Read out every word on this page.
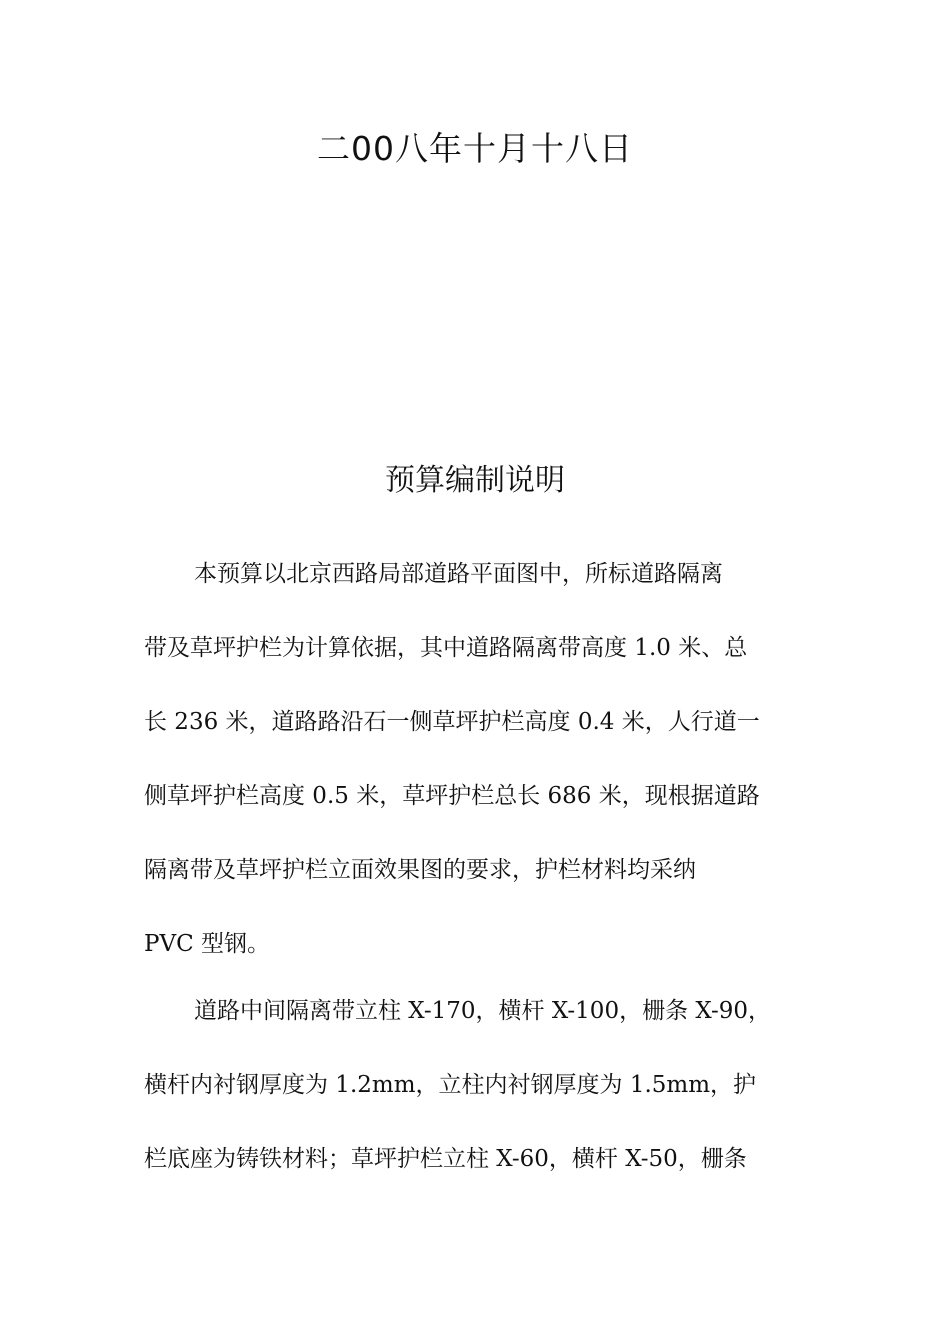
二00八年十月十八日
预算编制说明
本预算以北京西路局部道路平面图中，所标道路隔离
带及草坪护栏为计算依据，其中道路隔离带高度 1.0 米、总
长 236 米，道路路沿石一侧草坪护栏高度 0.4 米，人行道一
侧草坪护栏高度 0.5 米，草坪护栏总长 686 米，现根据道路
隔离带及草坪护栏立面效果图的要求，护栏材料均采纳
PVC 型钢。
道路中间隔离带立柱 X-170，横杆 X-100，栅条 X-90，
横杆内衬钢厚度为 1.2mm，立柱内衬钢厚度为 1.5mm，护
栏底座为铸铁材料；草坪护栏立柱 X-60，横杆 X-50，栅条
